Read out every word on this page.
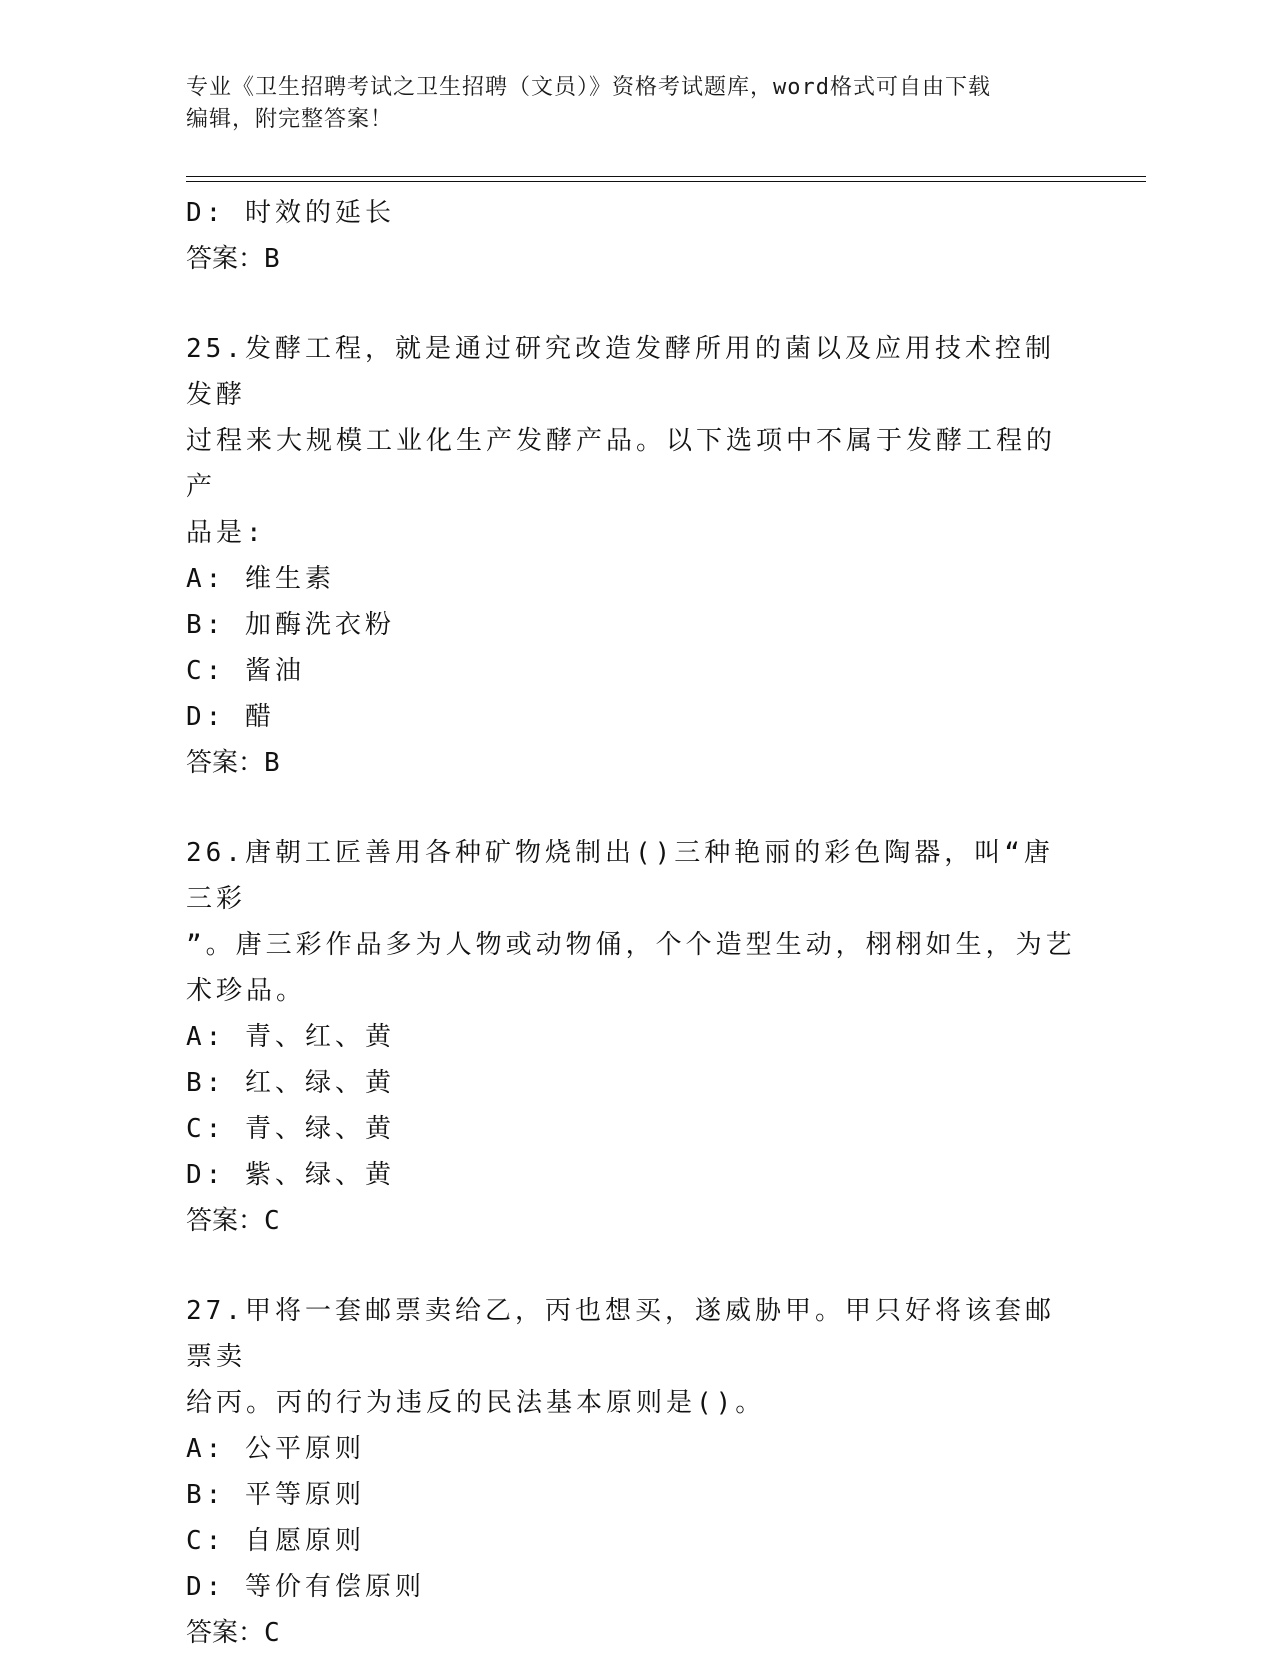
专业《卫生招聘考试之卫生招聘（文员）》资格考试题库，word格式可自由下载
编辑，附完整答案！

D: 时效的延长

答案：B

25.发酵工程，就是通过研究改造发酵所用的菌以及应用技术控制发酵

过程来大规模工业化生产发酵产品。以下选项中不属于发酵工程的产

品是:

A: 维生素

B: 加酶洗衣粉

C: 酱油

D: 醋

答案：B

26.唐朝工匠善用各种矿物烧制出()三种艳丽的彩色陶器，叫“唐三彩

”。唐三彩作品多为人物或动物俑，个个造型生动，栩栩如生，为艺

术珍品。

A: 青、红、黄

B: 红、绿、黄

C: 青、绿、黄

D: 紫、绿、黄

答案：C

27.甲将一套邮票卖给乙，丙也想买，遂威胁甲。甲只好将该套邮票卖

给丙。丙的行为违反的民法基本原则是()。

A: 公平原则

B: 平等原则

C: 自愿原则

D: 等价有偿原则

答案：C
